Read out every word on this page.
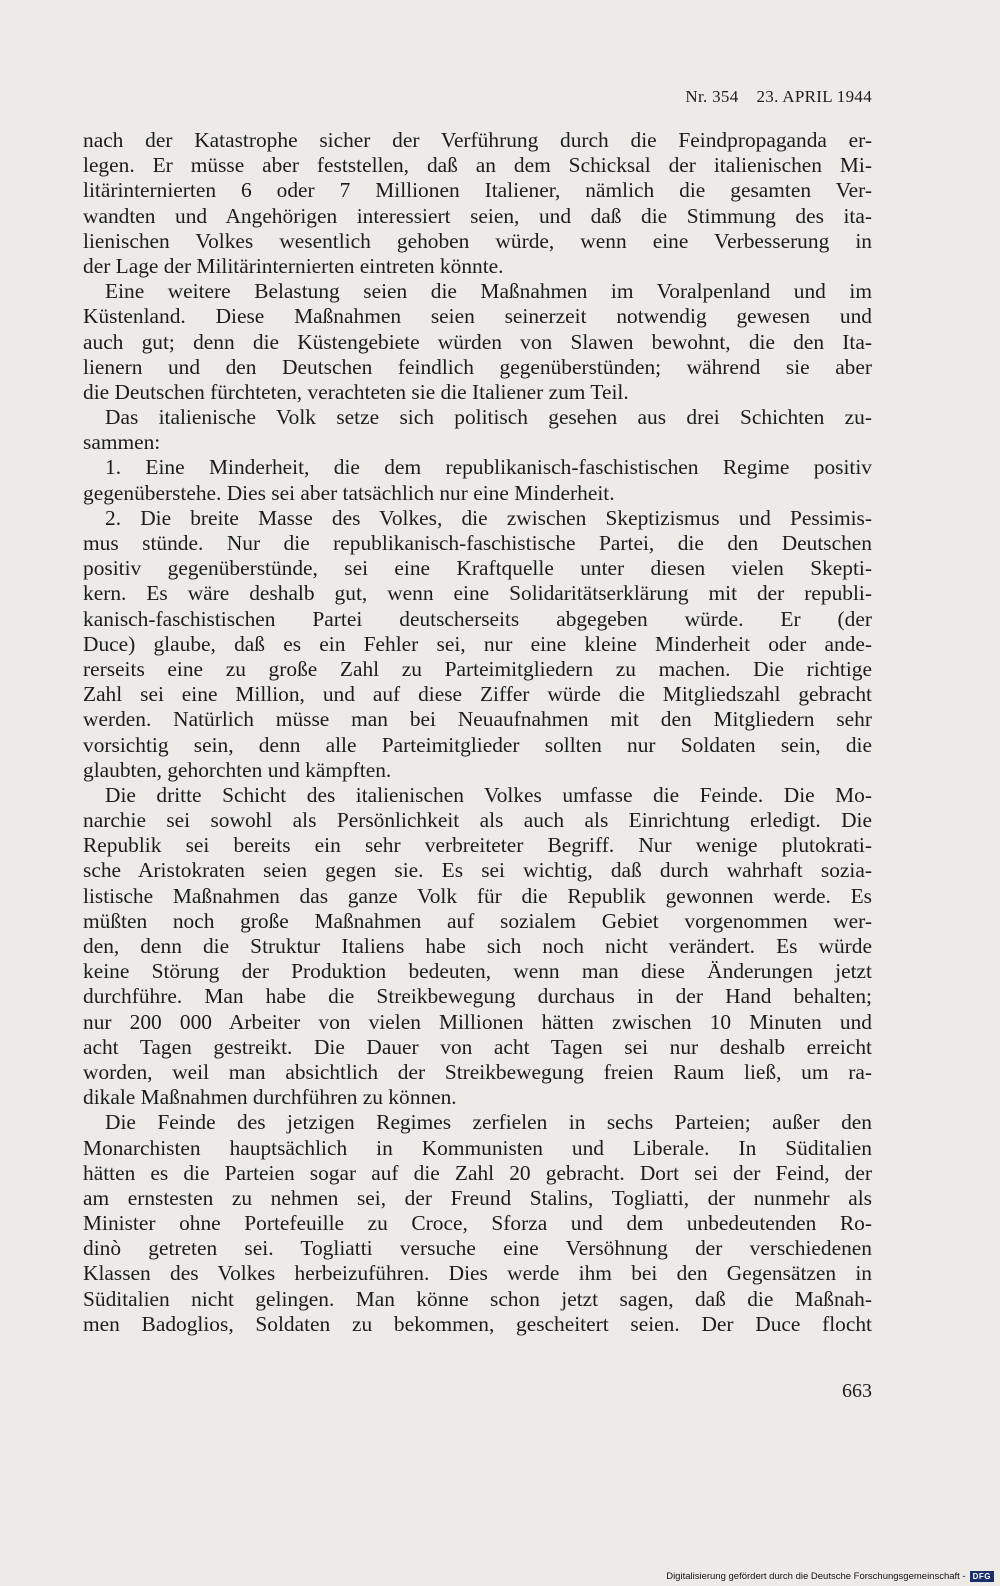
Nr. 354 23. APRIL 1944
nach der Katastrophe sicher der Verführung durch die Feindpropaganda er-
legen. Er müsse aber feststellen, daß an dem Schicksal der italienischen Mi-
litärinternierten 6 oder 7 Millionen Italiener, nämlich die gesamten Ver-
wandten und Angehörigen interessiert seien, und daß die Stimmung des ita-
lienischen Volkes wesentlich gehoben würde, wenn eine Verbesserung in
der Lage der Militärinternierten eintreten könnte.
Eine weitere Belastung seien die Maßnahmen im Voralpenland und im
Küstenland. Diese Maßnahmen seien seinerzeit notwendig gewesen und
auch gut; denn die Küstengebiete würden von Slawen bewohnt, die den Ita-
lienern und den Deutschen feindlich gegenüberstünden; während sie aber
die Deutschen fürchteten, verachteten sie die Italiener zum Teil.
Das italienische Volk setze sich politisch gesehen aus drei Schichten zu-
sammen:
1. Eine Minderheit, die dem republikanisch-faschistischen Regime positiv
gegenüberstehe. Dies sei aber tatsächlich nur eine Minderheit.
2. Die breite Masse des Volkes, die zwischen Skeptizismus und Pessimis-
mus stünde. Nur die republikanisch-faschistische Partei, die den Deutschen
positiv gegenüberstünde, sei eine Kraftquelle unter diesen vielen Skepti-
kern. Es wäre deshalb gut, wenn eine Solidaritätserklärung mit der republi-
kanisch-faschistischen Partei deutscherseits abgegeben würde. Er (der
Duce) glaube, daß es ein Fehler sei, nur eine kleine Minderheit oder ande-
rerseits eine zu große Zahl zu Parteimitgliedern zu machen. Die richtige
Zahl sei eine Million, und auf diese Ziffer würde die Mitgliedszahl gebracht
werden. Natürlich müsse man bei Neuaufnahmen mit den Mitgliedern sehr
vorsichtig sein, denn alle Parteimitglieder sollten nur Soldaten sein, die
glaubten, gehorchten und kämpften.
Die dritte Schicht des italienischen Volkes umfasse die Feinde. Die Mo-
narchie sei sowohl als Persönlichkeit als auch als Einrichtung erledigt. Die
Republik sei bereits ein sehr verbreiteter Begriff. Nur wenige plutokrati-
sche Aristokraten seien gegen sie. Es sei wichtig, daß durch wahrhaft sozia-
listische Maßnahmen das ganze Volk für die Republik gewonnen werde. Es
müßten noch große Maßnahmen auf sozialem Gebiet vorgenommen wer-
den, denn die Struktur Italiens habe sich noch nicht verändert. Es würde
keine Störung der Produktion bedeuten, wenn man diese Änderungen jetzt
durchführe. Man habe die Streikbewegung durchaus in der Hand behalten;
nur 200 000 Arbeiter von vielen Millionen hätten zwischen 10 Minuten und
acht Tagen gestreikt. Die Dauer von acht Tagen sei nur deshalb erreicht
worden, weil man absichtlich der Streikbewegung freien Raum ließ, um ra-
dikale Maßnahmen durchführen zu können.
Die Feinde des jetzigen Regimes zerfielen in sechs Parteien; außer den
Monarchisten hauptsächlich in Kommunisten und Liberale. In Süditalien
hätten es die Parteien sogar auf die Zahl 20 gebracht. Dort sei der Feind, der
am ernstesten zu nehmen sei, der Freund Stalins, Togliatti, der nunmehr als
Minister ohne Portefeuille zu Croce, Sforza und dem unbedeutenden Ro-
dinò getreten sei. Togliatti versuche eine Versöhnung der verschiedenen
Klassen des Volkes herbeizuführen. Dies werde ihm bei den Gegensätzen in
Süditalien nicht gelingen. Man könne schon jetzt sagen, daß die Maßnah-
men Badoglios, Soldaten zu bekommen, gescheitert seien. Der Duce flocht
663
Digitalisierung gefördert durch die Deutsche Forschungsgemeinschaft - DFG
